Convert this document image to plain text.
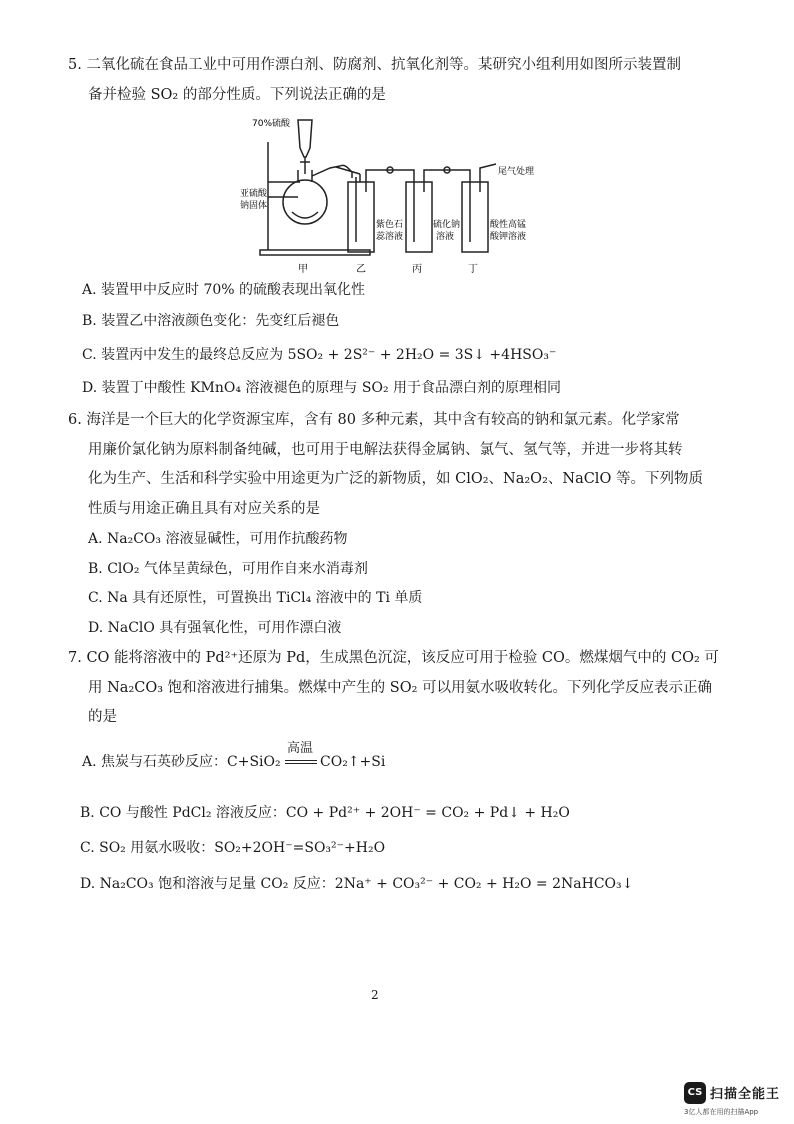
5. 二氧化硫在食品工业中可用作漂白剂、防腐剂、抗氧化剂等。某研究小组利用如图所示装置制
备并检验 SO₂ 的部分性质。下列说法正确的是
70%硫酸
亚硫酸
钠固体
尾气处理
紫色石
蕊溶液
硫化钠
溶液
酸性高锰
酸钾溶液
甲	乙	丙	丁
A. 装置甲中反应时 70% 的硫酸表现出氧化性
B. 装置乙中溶液颜色变化：先变红后褪色
C. 装置丙中发生的最终总反应为 5SO₂ + 2S²⁻ + 2H₂O = 3S↓ +4HSO₃⁻
D. 装置丁中酸性 KMnO₄ 溶液褪色的原理与 SO₂ 用于食品漂白剂的原理相同
6. 海洋是一个巨大的化学资源宝库，含有 80 多种元素，其中含有较高的钠和氯元素。化学家常
用廉价氯化钠为原料制备纯碱，也可用于电解法获得金属钠、氯气、氢气等，并进一步将其转
化为生产、生活和科学实验中用途更为广泛的新物质，如 ClO₂、Na₂O₂、NaClO 等。下列物质
性质与用途正确且具有对应关系的是
A. Na₂CO₃ 溶液显碱性，可用作抗酸药物
B. ClO₂ 气体呈黄绿色，可用作自来水消毒剂
C. Na 具有还原性，可置换出 TiCl₄ 溶液中的 Ti 单质
D. NaClO 具有强氧化性，可用作漂白液
7. CO 能将溶液中的 Pd²⁺还原为 Pd，生成黑色沉淀，该反应可用于检验 CO。燃煤烟气中的 CO₂ 可
用 Na₂CO₃ 饱和溶液进行捕集。燃煤中产生的 SO₂ 可以用氨水吸收转化。下列化学反应表示正确
的是
A. 焦炭与石英砂反应：C+SiO₂
高温
CO₂↑+Si
B. CO 与酸性 PdCl₂ 溶液反应：CO + Pd²⁺ + 2OH⁻ = CO₂ + Pd↓ + H₂O
C. SO₂ 用氨水吸收：SO₂+2OH⁻=SO₃²⁻+H₂O
D. Na₂CO₃ 饱和溶液与足量 CO₂ 反应：2Na⁺ + CO₃²⁻ + CO₂ + H₂O = 2NaHCO₃↓
2
CS 扫描全能王
3亿人都在用的扫描App
